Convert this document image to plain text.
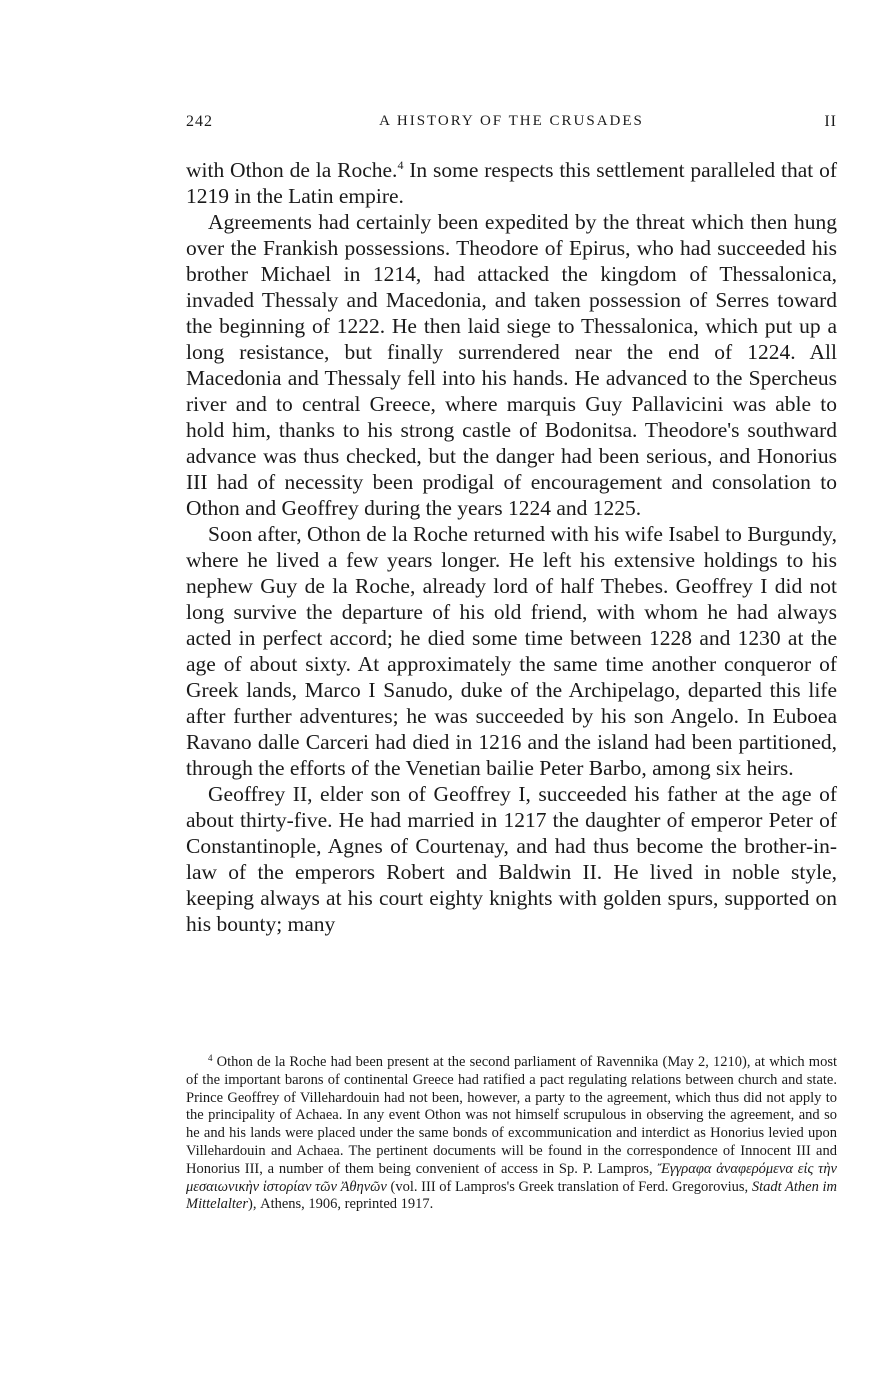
242	A HISTORY OF THE CRUSADES	II

with Othon de la Roche.$^4$ In some respects this settlement paralleled that of 1219 in the Latin empire.

Agreements had certainly been expedited by the threat which then hung over the Frankish possessions. Theodore of Epirus, who had succeeded his brother Michael in 1214, had attacked the kingdom of Thessalonica, invaded Thessaly and Macedonia, and taken possession of Serres toward the beginning of 1222. He then laid siege to Thessalonica, which put up a long resistance, but finally surrendered near the end of 1224. All Macedonia and Thessaly fell into his hands. He advanced to the Spercheus river and to central Greece, where marquis Guy Pallavicini was able to hold him, thanks to his strong castle of Bodonitsa. Theodore's southward advance was thus checked, but the danger had been serious, and Honorius III had of necessity been prodigal of encouragement and consolation to Othon and Geoffrey during the years 1224 and 1225.

Soon after, Othon de la Roche returned with his wife Isabel to Burgundy, where he lived a few years longer. He left his extensive holdings to his nephew Guy de la Roche, already lord of half Thebes. Geoffrey I did not long survive the departure of his old friend, with whom he had always acted in perfect accord; he died some time between 1228 and 1230 at the age of about sixty. At approximately the same time another conqueror of Greek lands, Marco I Sanudo, duke of the Archipelago, departed this life after further adventures; he was succeeded by his son Angelo. In Euboea Ravano dalle Carceri had died in 1216 and the island had been partitioned, through the efforts of the Venetian bailie Peter Barbo, among six heirs.

Geoffrey II, elder son of Geoffrey I, succeeded his father at the age of about thirty-five. He had married in 1217 the daughter of emperor Peter of Constantinople, Agnes of Courtenay, and had thus become the brother-in-law of the emperors Robert and Baldwin II. He lived in noble style, keeping always at his court eighty knights with golden spurs, supported on his bounty; many

$^4$ Othon de la Roche had been present at the second parliament of Ravennika (May 2, 1210), at which most of the important barons of continental Greece had ratified a pact regulating relations between church and state. Prince Geoffrey of Villehardouin had not been, however, a party to the agreement, which thus did not apply to the principality of Achaea. In any event Othon was not himself scrupulous in observing the agreement, and so he and his lands were placed under the same bonds of excommunication and interdict as Honorius levied upon Villehardouin and Achaea. The pertinent documents will be found in the correspondence of Innocent III and Honorius III, a number of them being convenient of access in Sp. P. Lampros, Ἔγγραφα ἀναφερόμενα εἰς τὴν μεσαιωνικὴν ἱστορίαν τῶν Ἀθηνῶν (vol. III of Lampros's Greek translation of Ferd. Gregorovius, Stadt Athen im Mittelalter), Athens, 1906, reprinted 1917.
